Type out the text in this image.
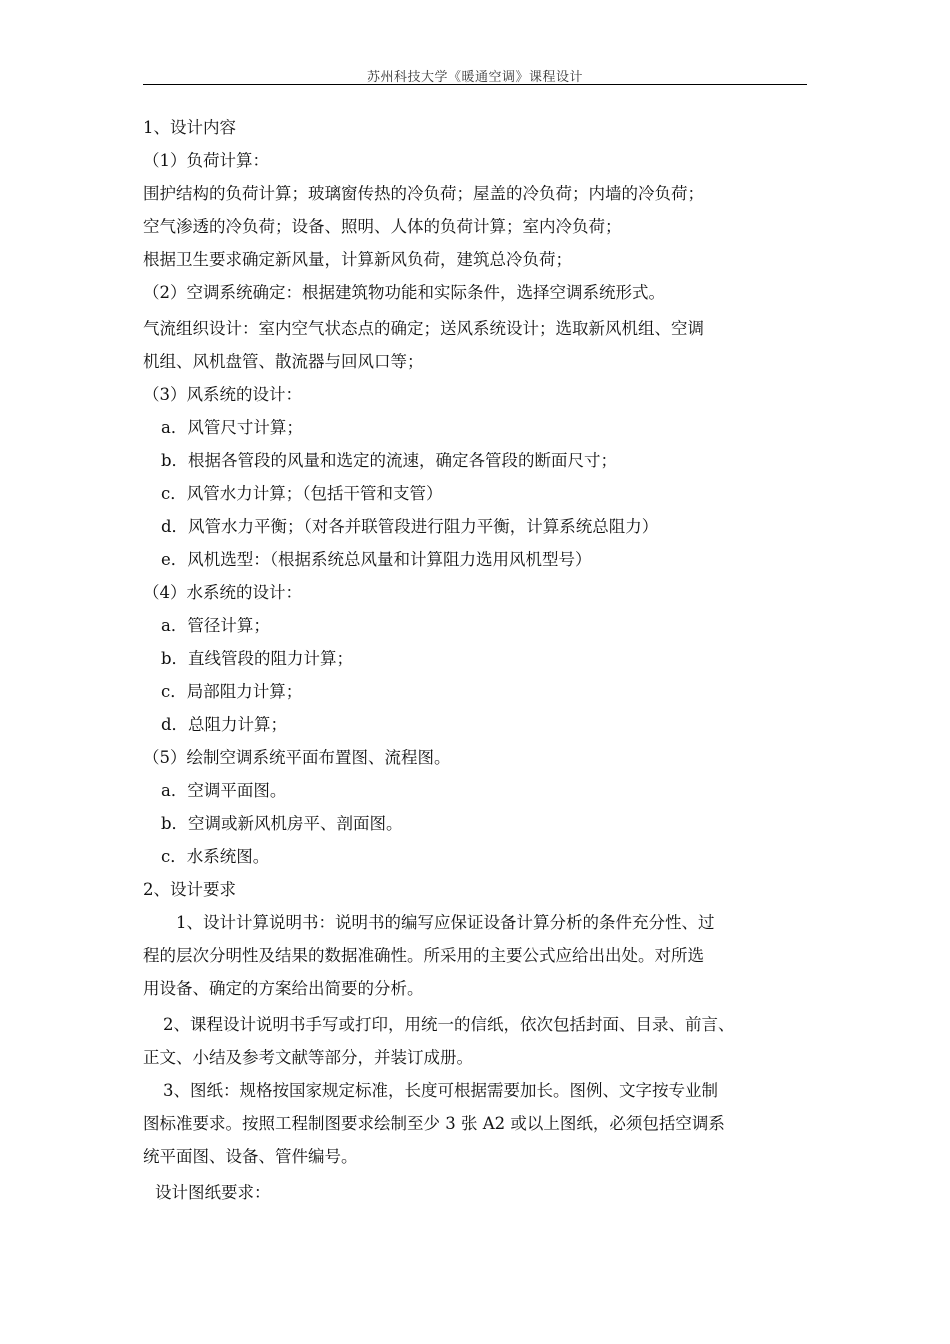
苏州科技大学《暖通空调》课程设计
1、设计内容
（1）负荷计算：
围护结构的负荷计算；玻璃窗传热的冷负荷；屋盖的冷负荷；内墙的冷负荷；
空气渗透的冷负荷；设备、照明、人体的负荷计算；室内冷负荷；
根据卫生要求确定新风量，计算新风负荷，建筑总冷负荷；
（2）空调系统确定：根据建筑物功能和实际条件，选择空调系统形式。
气流组织设计：室内空气状态点的确定；送风系统设计；选取新风机组、空调
机组、风机盘管、散流器与回风口等；
（3）风系统的设计：
a．风管尺寸计算；
b．根据各管段的风量和选定的流速，确定各管段的断面尺寸；
c．风管水力计算；（包括干管和支管）
d．风管水力平衡；（对各并联管段进行阻力平衡，计算系统总阻力）
e．风机选型：（根据系统总风量和计算阻力选用风机型号）
（4）水系统的设计：
a．管径计算；
b．直线管段的阻力计算；
c．局部阻力计算；
d．总阻力计算；
（5）绘制空调系统平面布置图、流程图。
a．空调平面图。
b．空调或新风机房平、剖面图。
c．水系统图。
2、设计要求
1、设计计算说明书：说明书的编写应保证设备计算分析的条件充分性、过
程的层次分明性及结果的数据准确性。所采用的主要公式应给出出处。对所选
用设备、确定的方案给出简要的分析。
2、课程设计说明书手写或打印，用统一的信纸，依次包括封面、目录、前言、
正文、小结及参考文献等部分，并装订成册。
3、图纸：规格按国家规定标准，长度可根据需要加长。图例、文字按专业制
图标准要求。按照工程制图要求绘制至少 3 张 A2 或以上图纸，必须包括空调系
统平面图、设备、管件编号。
设计图纸要求：
